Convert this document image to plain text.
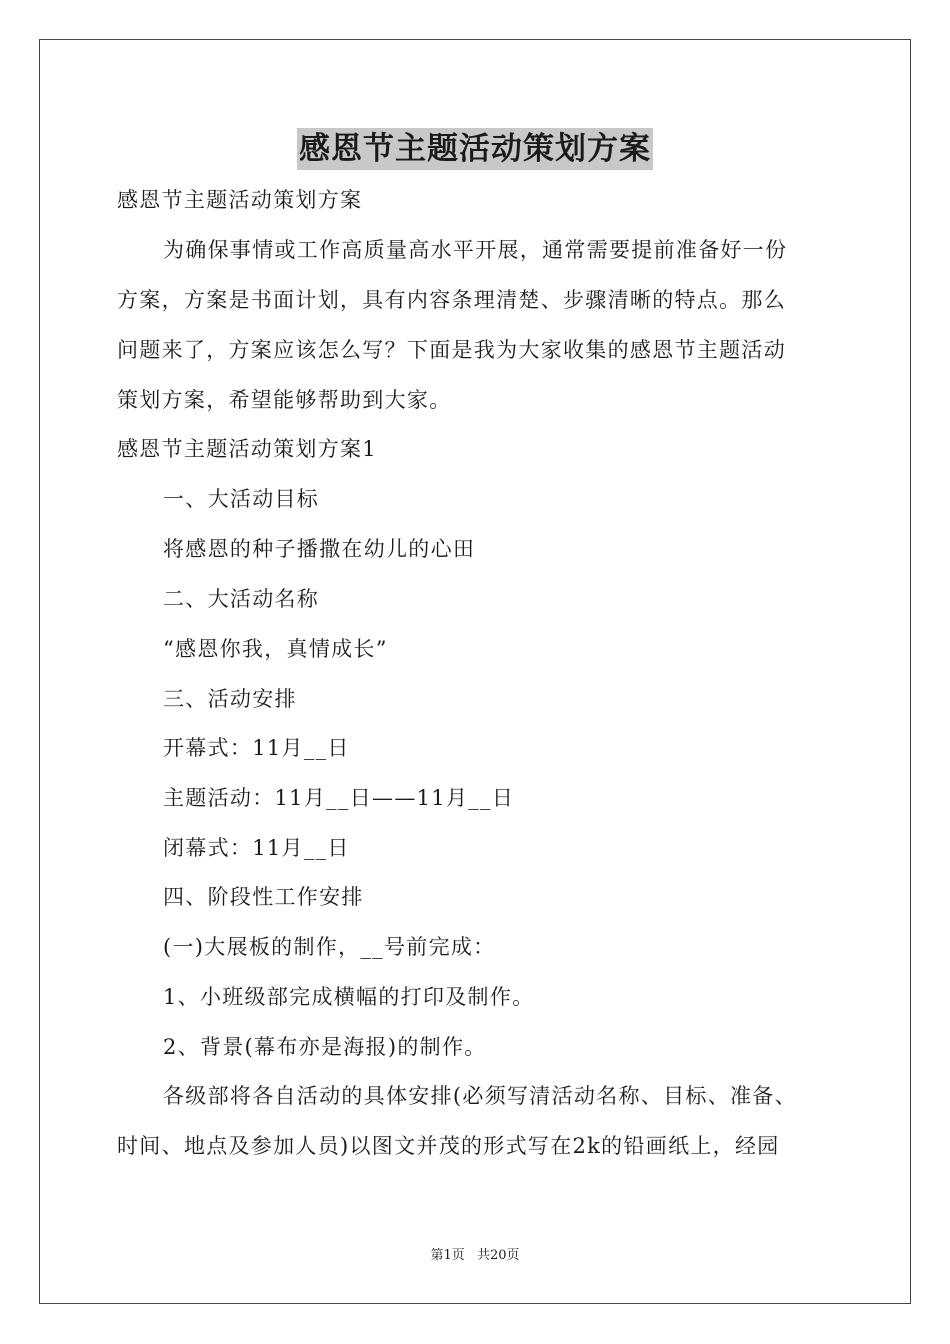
感恩节主题活动策划方案
感恩节主题活动策划方案
为确保事情或工作高质量高水平开展，通常需要提前准备好一份
方案，方案是书面计划，具有内容条理清楚、步骤清晰的特点。那么
问题来了，方案应该怎么写？下面是我为大家收集的感恩节主题活动
策划方案，希望能够帮助到大家。
感恩节主题活动策划方案1
一、大活动目标
将感恩的种子播撒在幼儿的心田
二、大活动名称
“感恩你我，真情成长”
三、活动安排
开幕式：11月__日
主题活动：11月__日——11月__日
闭幕式：11月__日
四、阶段性工作安排
(一)大展板的制作，__号前完成：
1、小班级部完成横幅的打印及制作。
2、背景(幕布亦是海报)的制作。
各级部将各自活动的具体安排(必须写清活动名称、目标、准备、
时间、地点及参加人员)以图文并茂的形式写在2k的铅画纸上，经园
第1页 共20页
